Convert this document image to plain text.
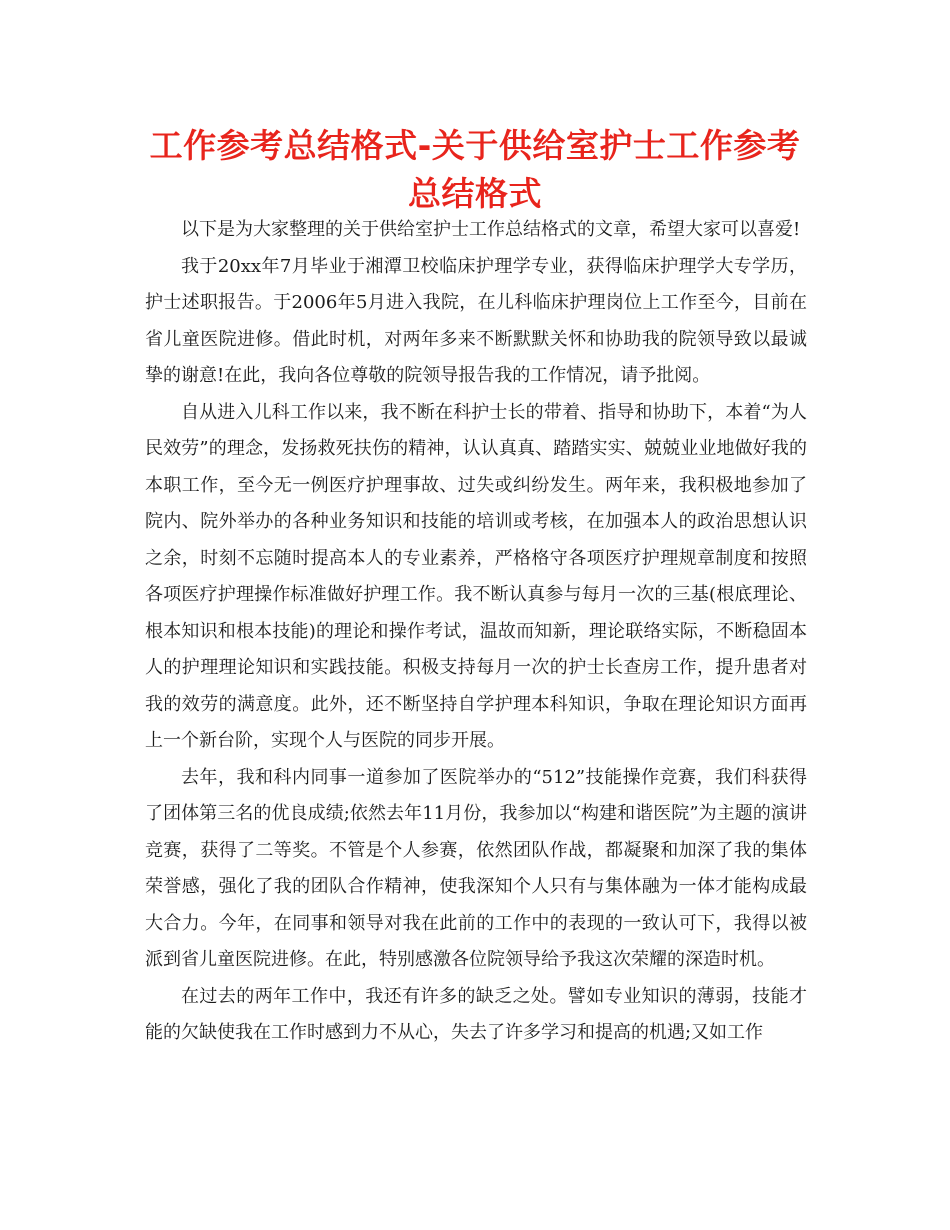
工作参考总结格式-关于供给室护士工作参考总结格式

以下是为大家整理的关于供给室护士工作总结格式的文章，希望大家可以喜爱!

我于20xx年7月毕业于湘潭卫校临床护理学专业，获得临床护理学大专学历，护士述职报告。于2006年5月进入我院，在儿科临床护理岗位上工作至今，目前在省儿童医院进修。借此时机，对两年多来不断默默关怀和协助我的院领导致以最诚挚的谢意!在此，我向各位尊敬的院领导报告我的工作情况，请予批阅。

自从进入儿科工作以来，我不断在科护士长的带着、指导和协助下，本着“为人民效劳”的理念，发扬救死扶伤的精神，认认真真、踏踏实实、兢兢业业地做好我的本职工作，至今无一例医疗护理事故、过失或纠纷发生。两年来，我积极地参加了院内、院外举办的各种业务知识和技能的培训或考核，在加强本人的政治思想认识之余，时刻不忘随时提高本人的专业素养，严格格守各项医疗护理规章制度和按照各项医疗护理操作标准做好护理工作。我不断认真参与每月一次的三基(根底理论、根本知识和根本技能)的理论和操作考试，温故而知新，理论联络实际，不断稳固本人的护理理论知识和实践技能。积极支持每月一次的护士长查房工作，提升患者对我的效劳的满意度。此外，还不断坚持自学护理本科知识，争取在理论知识方面再上一个新台阶，实现个人与医院的同步开展。

去年，我和科内同事一道参加了医院举办的“512”技能操作竞赛，我们科获得了团体第三名的优良成绩;依然去年11月份，我参加以“构建和谐医院”为主题的演讲竞赛，获得了二等奖。不管是个人参赛，依然团队作战，都凝聚和加深了我的集体荣誉感，强化了我的团队合作精神，使我深知个人只有与集体融为一体才能构成最大合力。今年，在同事和领导对我在此前的工作中的表现的一致认可下，我得以被派到省儿童医院进修。在此，特别感激各位院领导给予我这次荣耀的深造时机。

在过去的两年工作中，我还有许多的缺乏之处。譬如专业知识的薄弱，技能才能的欠缺使我在工作时感到力不从心，失去了许多学习和提高的机遇;又如工作
